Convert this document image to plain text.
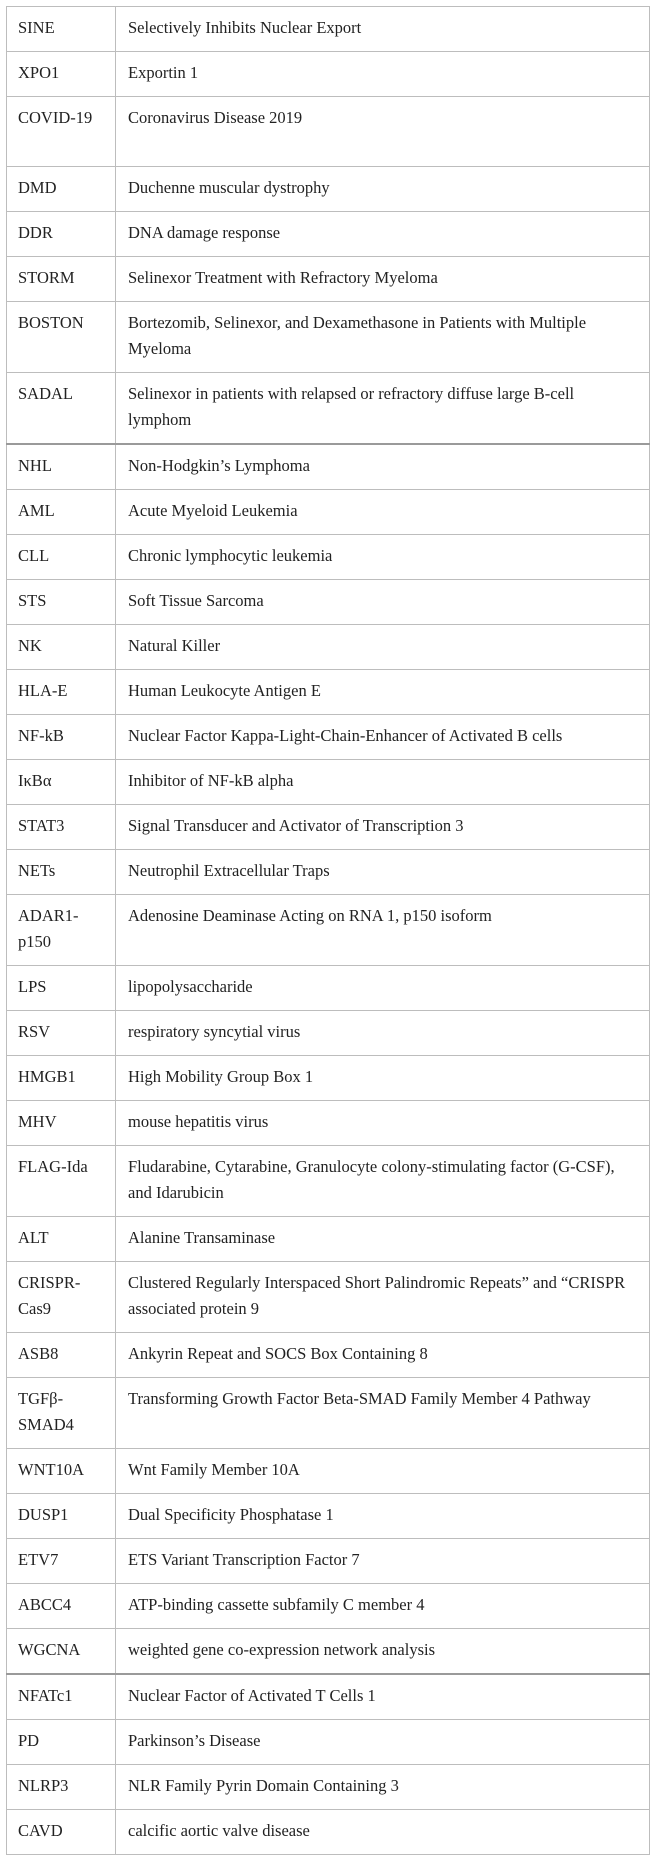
SINE	Selectively Inhibits Nuclear Export
XPO1	Exportin 1
COVID-19	Coronavirus Disease 2019
DMD	Duchenne muscular dystrophy
DDR	DNA damage response
STORM	Selinexor Treatment with Refractory Myeloma
BOSTON	Bortezomib, Selinexor, and Dexamethasone in Patients with Multiple Myeloma
SADAL	Selinexor in patients with relapsed or refractory diffuse large B-cell lymphom
NHL	Non-Hodgkin’s Lymphoma
AML	Acute Myeloid Leukemia
CLL	Chronic lymphocytic leukemia
STS	Soft Tissue Sarcoma
NK	Natural Killer
HLA-E	Human Leukocyte Antigen E
NF-kB	Nuclear Factor Kappa-Light-Chain-Enhancer of Activated B cells
IκBα	Inhibitor of NF-kB alpha
STAT3	Signal Transducer and Activator of Transcription 3
NETs	Neutrophil Extracellular Traps
ADAR1-p150	Adenosine Deaminase Acting on RNA 1, p150 isoform
LPS	lipopolysaccharide
RSV	respiratory syncytial virus
HMGB1	High Mobility Group Box 1
MHV	mouse hepatitis virus
FLAG-Ida	Fludarabine, Cytarabine, Granulocyte colony-stimulating factor (G-CSF), and Idarubicin
ALT	Alanine Transaminase
CRISPR-Cas9	Clustered Regularly Interspaced Short Palindromic Repeats” and “CRISPR associated protein 9
ASB8	Ankyrin Repeat and SOCS Box Containing 8
TGFβ-SMAD4	Transforming Growth Factor Beta-SMAD Family Member 4 Pathway
WNT10A	Wnt Family Member 10A
DUSP1	Dual Specificity Phosphatase 1
ETV7	ETS Variant Transcription Factor 7
ABCC4	ATP-binding cassette subfamily C member 4
WGCNA	weighted gene co-expression network analysis
NFATc1	Nuclear Factor of Activated T Cells 1
PD	Parkinson’s Disease
NLRP3	NLR Family Pyrin Domain Containing 3
CAVD	calcific aortic valve disease
